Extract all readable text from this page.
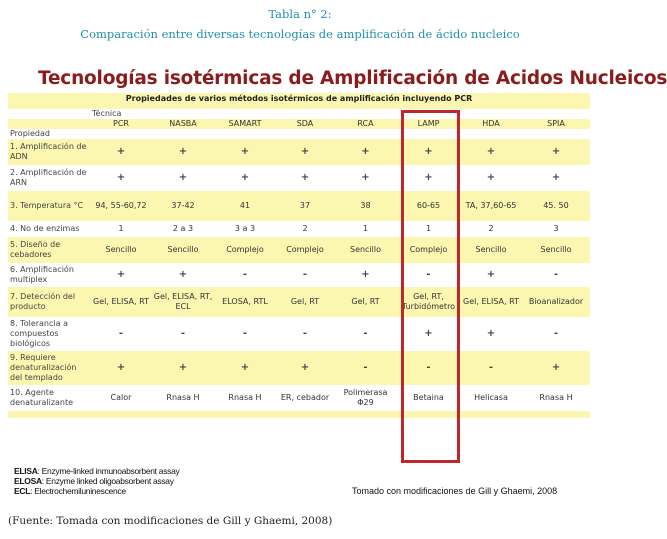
Tabla n° 2:
Comparación entre diversas tecnologías de amplificación de ácido nucleico
Tecnologías isotérmicas de Amplificación de Acidos Nucleicos
Propiedades de varios métodos isotérmicos de amplificación incluyendo PCR								

	Técnica							
	PCR	NASBA	SAMART	SDA	RCA	LAMP	HDA	SPIA
Propiedad								
1. Amplificación de ADN	+	+	+	+	+	+	+	+
2. Amplificación de ARN	+	+	+	+	+	+	+	+
3. Temperatura °C	94, 55-60,72	37-42	41	37	38	60-65	TA, 37,60-65	45. 50
4. No de enzimas	1	2 a 3	3 a 3	2	1	1	2	3
5. Diseño de cebadores	Sencillo	Sencillo	Complejo	Complejo	Sencillo	Complejo	Sencillo	Sencillo
6. Amplificación multiplex	+	+	-	-	+	-	+	-
7. Detección del producto	Gel, ELISA, RT	Gel, ELISA, RT, ECL	ELOSA, RTL	Gel, RT	Gel, RT	Gel, RT, Turbidómetro	Gel, ELISA, RT	Bioanalizador
8. Tolerancia a compuestos biológicos	-	-	-	-	-	+	+	-
9. Requiere denaturalización del templado	+	+	+	+	-	-	-	+
10. Agente denaturalizante	Calor	Rnasa H	Rnasa H	ER, cebador	Polimerasa Φ29	Betaina	Helicasa	Rnasa H

ELISA: Enzyme-linked inmunoabsorbent assay
ELOSA: Enzyme linked oligoabsorbent assay
ECL: Electrochemiluninescence	Tomado con modificaciones de Gill y Ghaemi, 2008
(Fuente: Tomada con modificaciones de Gill y Ghaemi, 2008)
